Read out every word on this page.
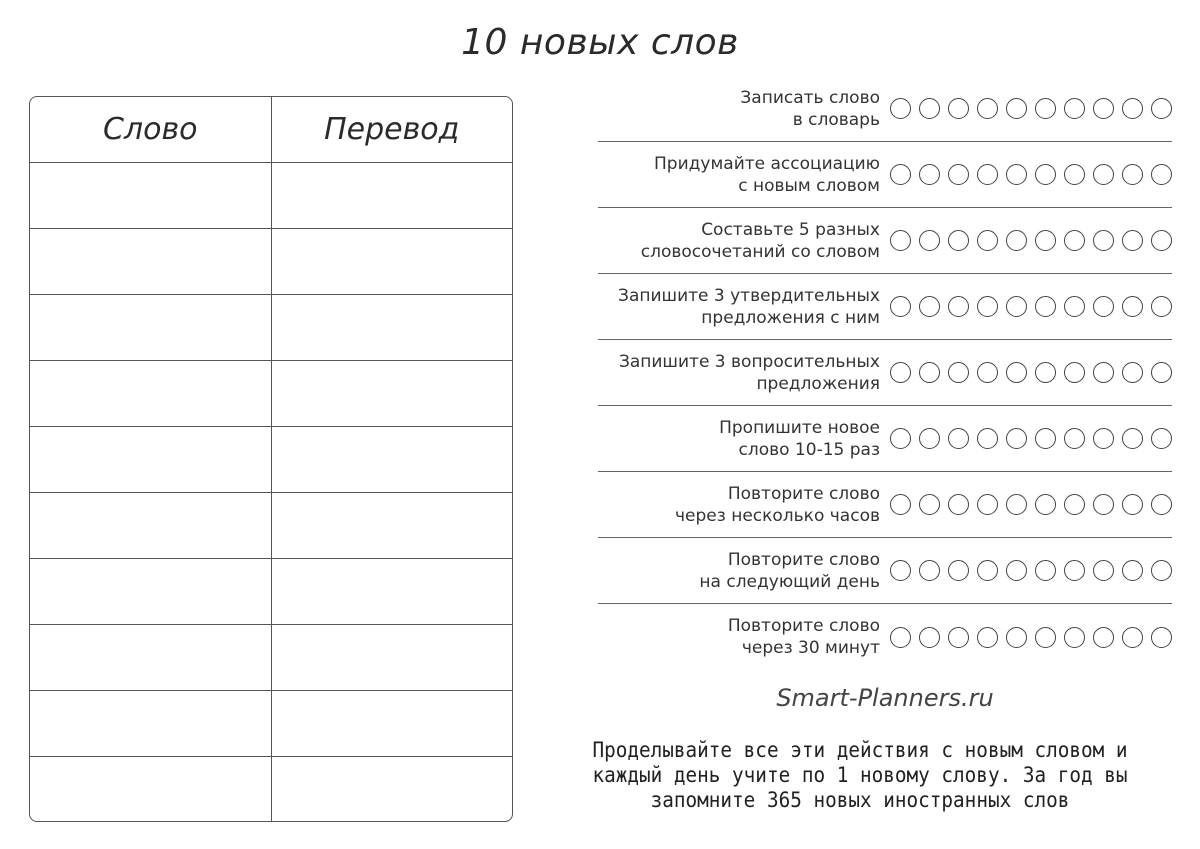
10 новых слов
Слово	Перевод
Записать слово
в словарь
Придумайте ассоциацию
с новым словом
Составьте 5 разных
словосочетаний со словом
Запишите 3 утвердительных
предложения с ним
Запишите 3 вопросительных
предложения
Пропишите новое
слово 10-15 раз
Повторите слово
через несколько часов
Повторите слово
на следующий день
Повторите слово
через 30 минут
Smart-Planners.ru
Проделывайте все эти действия с новым словом и каждый день учите по 1 новому слову. За год вы запомните 365 новых иностранных слов
